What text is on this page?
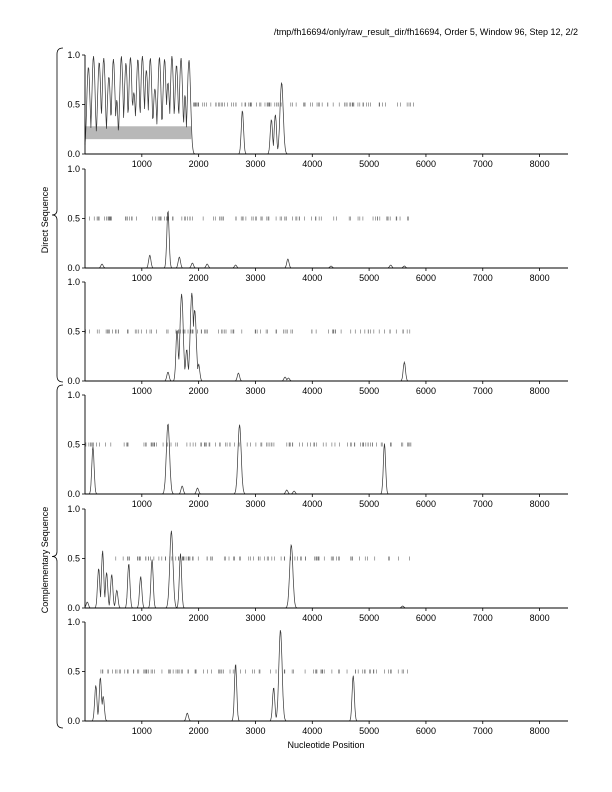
/tmp/fh16694/only/raw_result_dir/fh16694, Order 5, Window 96, Step 12, 2/2
0.0
0.5
1.0
1000	2000	3000	4000	5000	6000	7000	8000
0.0
0.5
1.0
1000	2000	3000	4000	5000	6000	7000	8000
0.0
0.5
1.0
1000	2000	3000	4000	5000	6000	7000	8000
0.0
0.5
1.0
1000	2000	3000	4000	5000	6000	7000	8000
0.0
0.5
1.0
1000	2000	3000	4000	5000	6000	7000	8000
0.0
0.5
1.0
1000	2000	3000	4000	5000	6000	7000	8000
Direct Sequence
Complementary Sequence
Nucleotide Position
